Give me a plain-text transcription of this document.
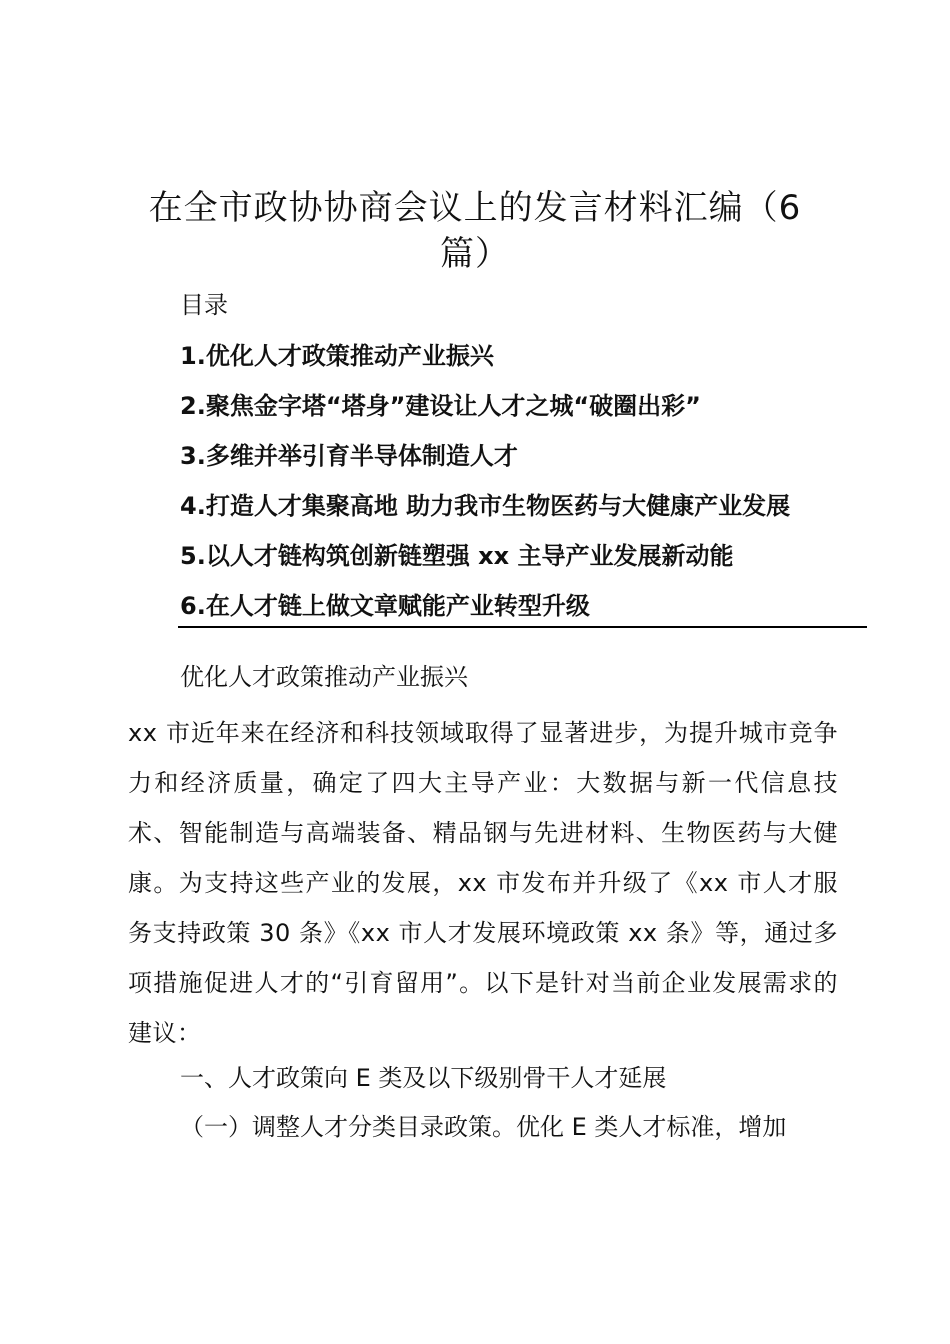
在全市政协协商会议上的发言材料汇编（6
篇）
目录
1.优化人才政策推动产业振兴
2.聚焦金字塔“塔身”建设让人才之城“破圈出彩”
3.多维并举引育半导体制造人才
4.打造人才集聚高地 助力我市生物医药与大健康产业发展
5.以人才链构筑创新链塑强 xx 主导产业发展新动能
6.在人才链上做文章赋能产业转型升级
优化人才政策推动产业振兴

xx 市近年来在经济和科技领域取得了显著进步，为提升城市竞争力和经济质量，确定了四大主导产业：大数据与新一代信息技术、智能制造与高端装备、精品钢与先进材料、生物医药与大健康。为支持这些产业的发展，xx 市发布并升级了《xx 市人才服务支持政策 30 条》《xx 市人才发展环境政策 xx 条》等，通过多项措施促进人才的“引育留用”。以下是针对当前企业发展需求的建议：

一、人才政策向 E 类及以下级别骨干人才延展
（一）调整人才分类目录政策。优化 E 类人才标准，增加
